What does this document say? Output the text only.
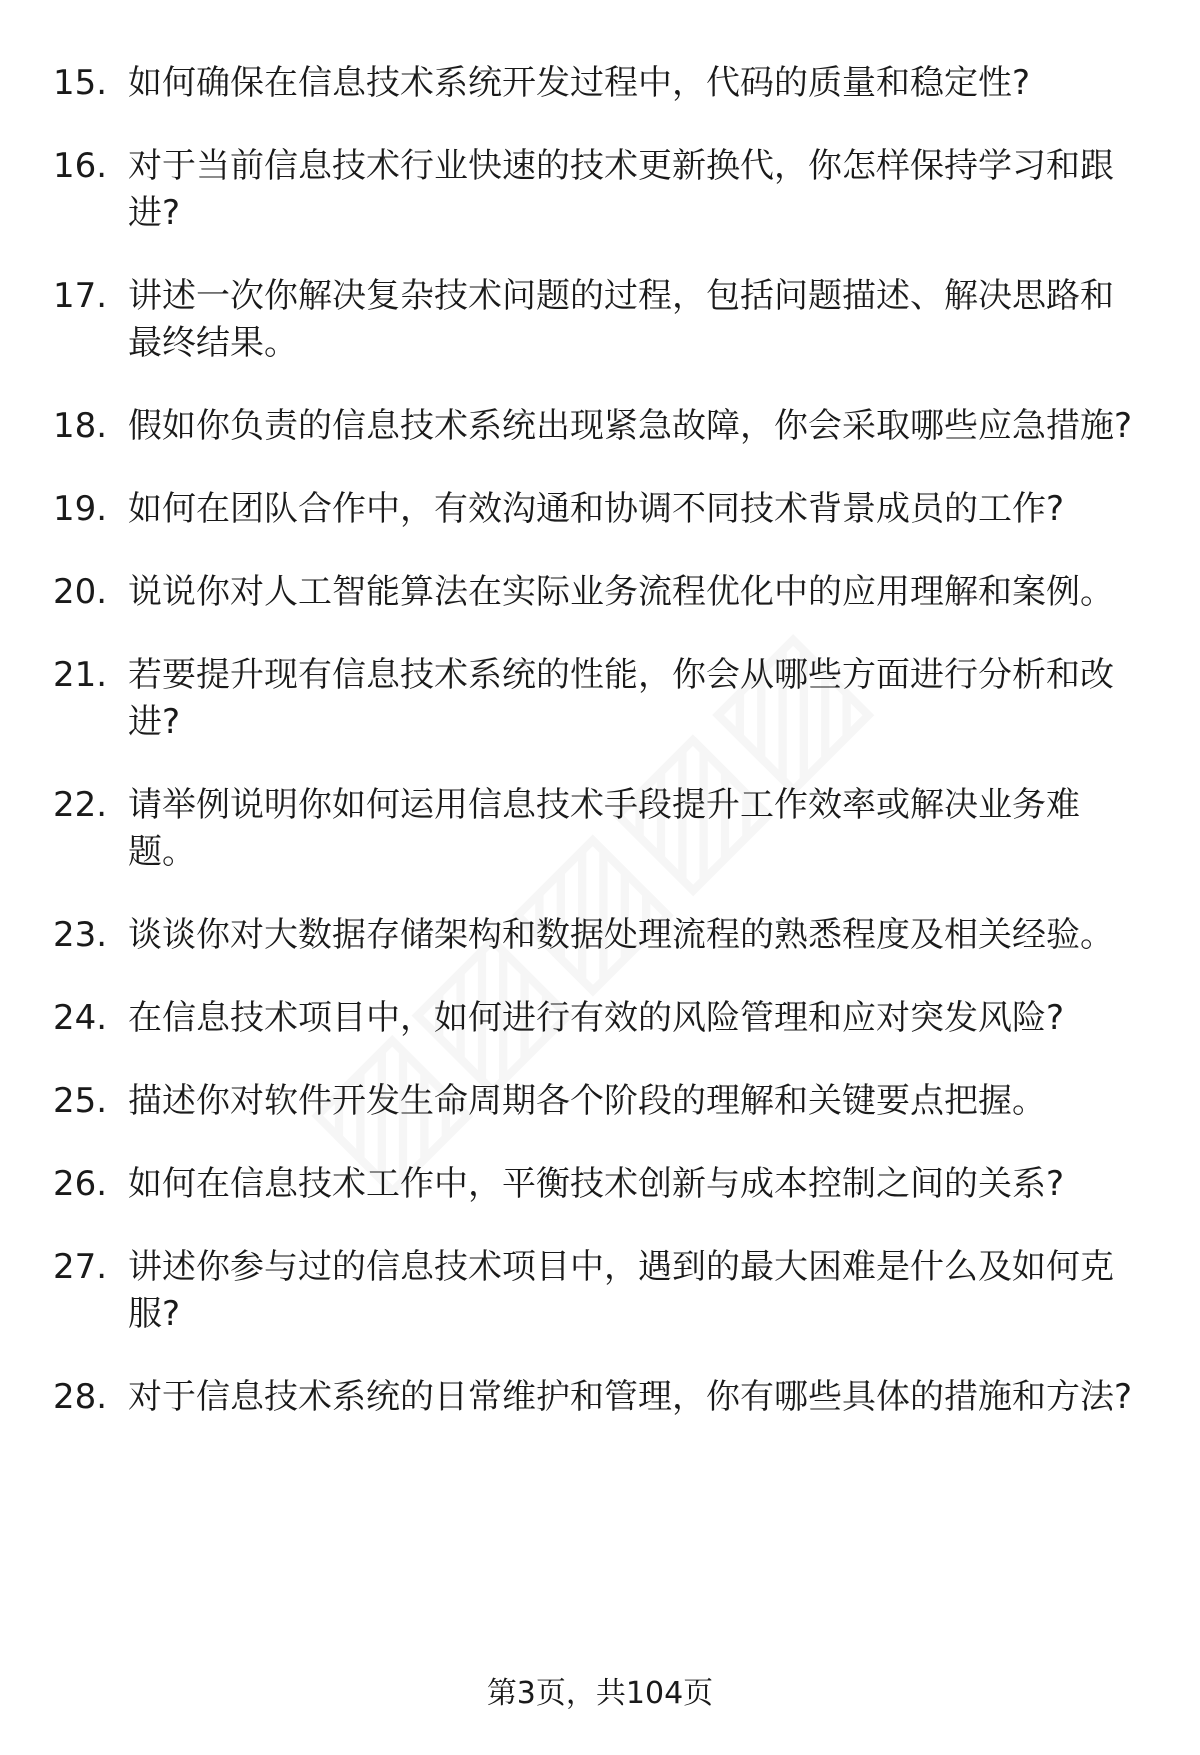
15. 如何确保在信息技术系统开发过程中，代码的质量和稳定性?
16. 对于当前信息技术行业快速的技术更新换代，你怎样保持学习和跟进?
17. 讲述一次你解决复杂技术问题的过程，包括问题描述、解决思路和最终结果。
18. 假如你负责的信息技术系统出现紧急故障，你会采取哪些应急措施?
19. 如何在团队合作中，有效沟通和协调不同技术背景成员的工作?
20. 说说你对人工智能算法在实际业务流程优化中的应用理解和案例。
21. 若要提升现有信息技术系统的性能，你会从哪些方面进行分析和改进?
22. 请举例说明你如何运用信息技术手段提升工作效率或解决业务难题。
23. 谈谈你对大数据存储架构和数据处理流程的熟悉程度及相关经验。
24. 在信息技术项目中，如何进行有效的风险管理和应对突发风险?
25. 描述你对软件开发生命周期各个阶段的理解和关键要点把握。
26. 如何在信息技术工作中，平衡技术创新与成本控制之间的关系?
27. 讲述你参与过的信息技术项目中，遇到的最大困难是什么及如何克服?
28. 对于信息技术系统的日常维护和管理，你有哪些具体的措施和方法?
第3页，共104页
